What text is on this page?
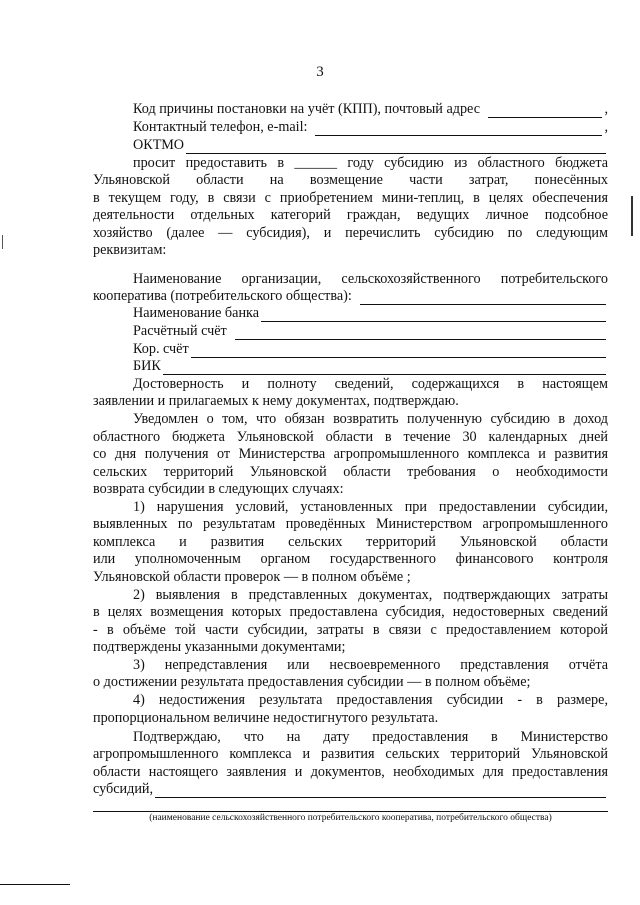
3
Код причины постановки на учёт (КПП), почтовый адрес	,
Контактный телефон, e-mail:	,
ОКТМО
просит предоставить в ______ году субсидию из областного бюджета
Ульяновской области на возмещение части затрат, понесённых
в текущем году, в связи с приобретением мини-теплиц, в целях обеспечения
деятельности отдельных категорий граждан, ведущих личное подсобное
хозяйство (далее — субсидия), и перечислить субсидию по следующим
реквизитам:
Наименование организации, сельскохозяйственного потребительского
кооператива (потребительского общества):
Наименование банка
Расчётный счёт
Кор. счёт
БИК
Достоверность и полноту сведений, содержащихся в настоящем
заявлении и прилагаемых к нему документах, подтверждаю.
Уведомлен о том, что обязан возвратить полученную субсидию в доход
областного бюджета Ульяновской области в течение 30 календарных дней
со дня получения от Министерства агропромышленного комплекса и развития
сельских территорий Ульяновской области требования о необходимости
возврата субсидии в следующих случаях:
1) нарушения условий, установленных при предоставлении субсидии,
выявленных по результатам проведённых Министерством агропромышленного
комплекса и развития сельских территорий Ульяновской области
или уполномоченным органом государственного финансового контроля
Ульяновской области проверок — в полном объёме ;
2) выявления в представленных документах, подтверждающих затраты
в целях возмещения которых предоставлена субсидия, недостоверных сведений
- в объёме той части субсидии, затраты в связи с предоставлением которой
подтверждены указанными документами;
3) непредставления или несвоевременного представления отчёта
о достижении результата предоставления субсидии — в полном объёме;
4) недостижения результата предоставления субсидии - в размере,
пропорциональном величине недостигнутого результата.
Подтверждаю, что на дату предоставления в Министерство
агропромышленного комплекса и развития сельских территорий Ульяновской
области настоящего заявления и документов, необходимых для предоставления
субсидий,
(наименование сельскохозяйственного потребительского кооператива, потребительского общества)
